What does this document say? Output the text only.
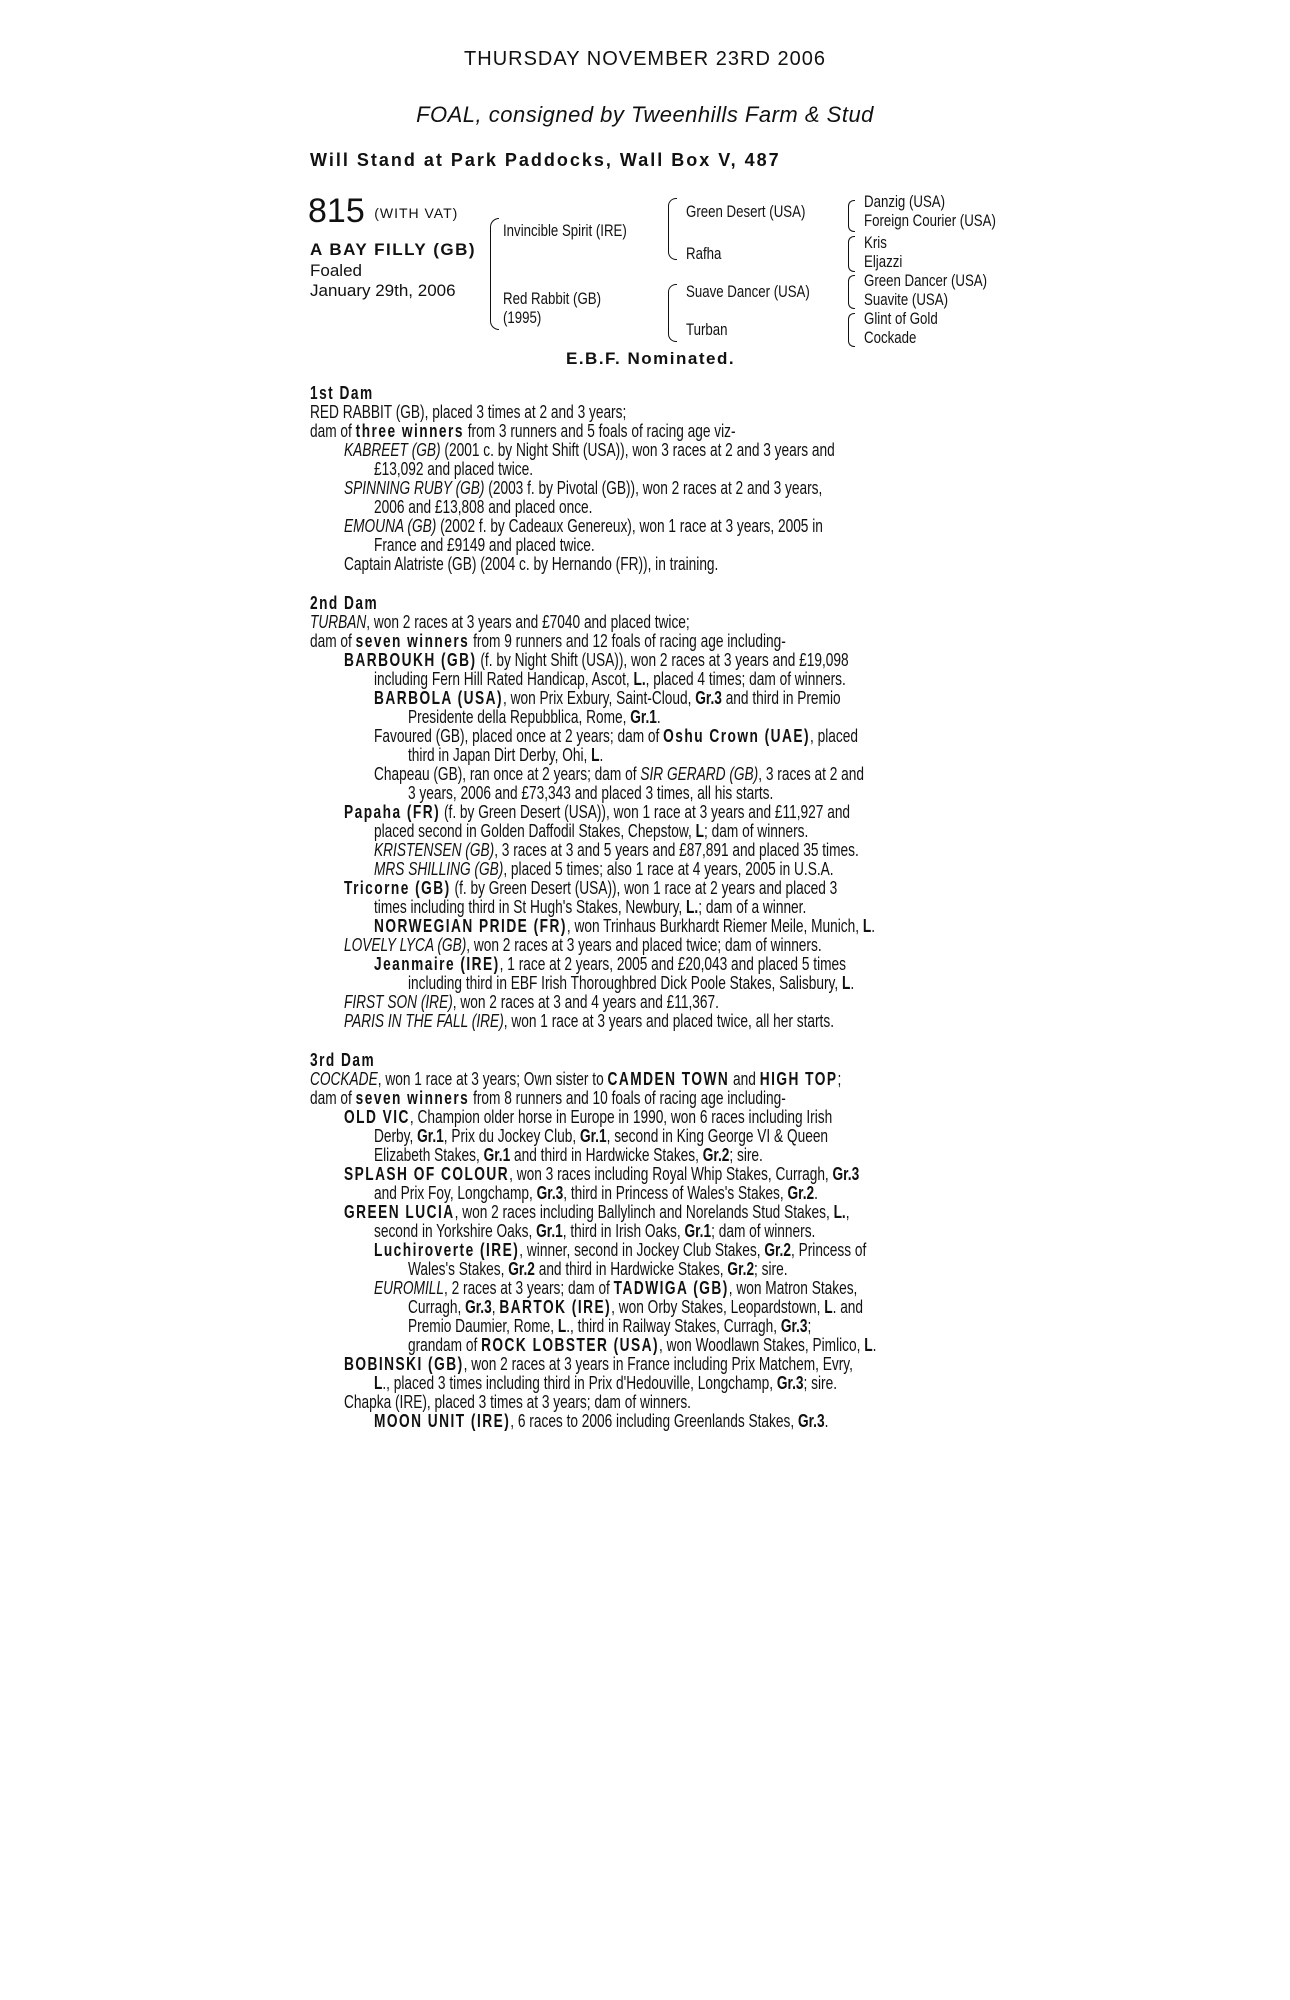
THURSDAY NOVEMBER 23RD 2006
FOAL, consigned by Tweenhills Farm & Stud
Will Stand at Park Paddocks, Wall Box V, 487
815 (WITH VAT)
A BAY FILLY (GB)
Foaled
January 29th, 2006
Invincible Spirit (IRE)
Red Rabbit (GB)
(1995)
Green Desert (USA)
Rafha
Suave Dancer (USA)
Turban
Danzig (USA)
Foreign Courier (USA)
Kris
Eljazzi
Green Dancer (USA)
Suavite (USA)
Glint of Gold
Cockade
E.B.F. Nominated.
1st Dam
RED RABBIT (GB), placed 3 times at 2 and 3 years;
dam of three winners from 3 runners and 5 foals of racing age viz-
KABREET (GB) (2001 c. by Night Shift (USA)), won 3 races at 2 and 3 years and
£13,092 and placed twice.
SPINNING RUBY (GB) (2003 f. by Pivotal (GB)), won 2 races at 2 and 3 years,
2006 and £13,808 and placed once.
EMOUNA (GB) (2002 f. by Cadeaux Genereux), won 1 race at 3 years, 2005 in
France and £9149 and placed twice.
Captain Alatriste (GB) (2004 c. by Hernando (FR)), in training.
2nd Dam
TURBAN, won 2 races at 3 years and £7040 and placed twice;
dam of seven winners from 9 runners and 12 foals of racing age including-
BARBOUKH (GB) (f. by Night Shift (USA)), won 2 races at 3 years and £19,098
including Fern Hill Rated Handicap, Ascot, L., placed 4 times; dam of winners.
BARBOLA (USA), won Prix Exbury, Saint-Cloud, Gr.3 and third in Premio
Presidente della Repubblica, Rome, Gr.1.
Favoured (GB), placed once at 2 years; dam of Oshu Crown (UAE), placed
third in Japan Dirt Derby, Ohi, L.
Chapeau (GB), ran once at 2 years; dam of SIR GERARD (GB), 3 races at 2 and
3 years, 2006 and £73,343 and placed 3 times, all his starts.
Papaha (FR) (f. by Green Desert (USA)), won 1 race at 3 years and £11,927 and
placed second in Golden Daffodil Stakes, Chepstow, L; dam of winners.
KRISTENSEN (GB), 3 races at 3 and 5 years and £87,891 and placed 35 times.
MRS SHILLING (GB), placed 5 times; also 1 race at 4 years, 2005 in U.S.A.
Tricorne (GB) (f. by Green Desert (USA)), won 1 race at 2 years and placed 3
times including third in St Hugh's Stakes, Newbury, L.; dam of a winner.
NORWEGIAN PRIDE (FR), won Trinhaus Burkhardt Riemer Meile, Munich, L.
LOVELY LYCA (GB), won 2 races at 3 years and placed twice; dam of winners.
Jeanmaire (IRE), 1 race at 2 years, 2005 and £20,043 and placed 5 times
including third in EBF Irish Thoroughbred Dick Poole Stakes, Salisbury, L.
FIRST SON (IRE), won 2 races at 3 and 4 years and £11,367.
PARIS IN THE FALL (IRE), won 1 race at 3 years and placed twice, all her starts.
3rd Dam
COCKADE, won 1 race at 3 years; Own sister to CAMDEN TOWN and HIGH TOP;
dam of seven winners from 8 runners and 10 foals of racing age including-
OLD VIC, Champion older horse in Europe in 1990, won 6 races including Irish
Derby, Gr.1, Prix du Jockey Club, Gr.1, second in King George VI & Queen
Elizabeth Stakes, Gr.1 and third in Hardwicke Stakes, Gr.2; sire.
SPLASH OF COLOUR, won 3 races including Royal Whip Stakes, Curragh, Gr.3
and Prix Foy, Longchamp, Gr.3, third in Princess of Wales's Stakes, Gr.2.
GREEN LUCIA, won 2 races including Ballylinch and Norelands Stud Stakes, L.,
second in Yorkshire Oaks, Gr.1, third in Irish Oaks, Gr.1; dam of winners.
Luchiroverte (IRE), winner, second in Jockey Club Stakes, Gr.2, Princess of
Wales's Stakes, Gr.2 and third in Hardwicke Stakes, Gr.2; sire.
EUROMILL, 2 races at 3 years; dam of TADWIGA (GB), won Matron Stakes,
Curragh, Gr.3, BARTOK (IRE), won Orby Stakes, Leopardstown, L. and
Premio Daumier, Rome, L., third in Railway Stakes, Curragh, Gr.3;
grandam of ROCK LOBSTER (USA), won Woodlawn Stakes, Pimlico, L.
BOBINSKI (GB), won 2 races at 3 years in France including Prix Matchem, Evry,
L., placed 3 times including third in Prix d'Hedouville, Longchamp, Gr.3; sire.
Chapka (IRE), placed 3 times at 3 years; dam of winners.
MOON UNIT (IRE), 6 races to 2006 including Greenlands Stakes, Gr.3.
